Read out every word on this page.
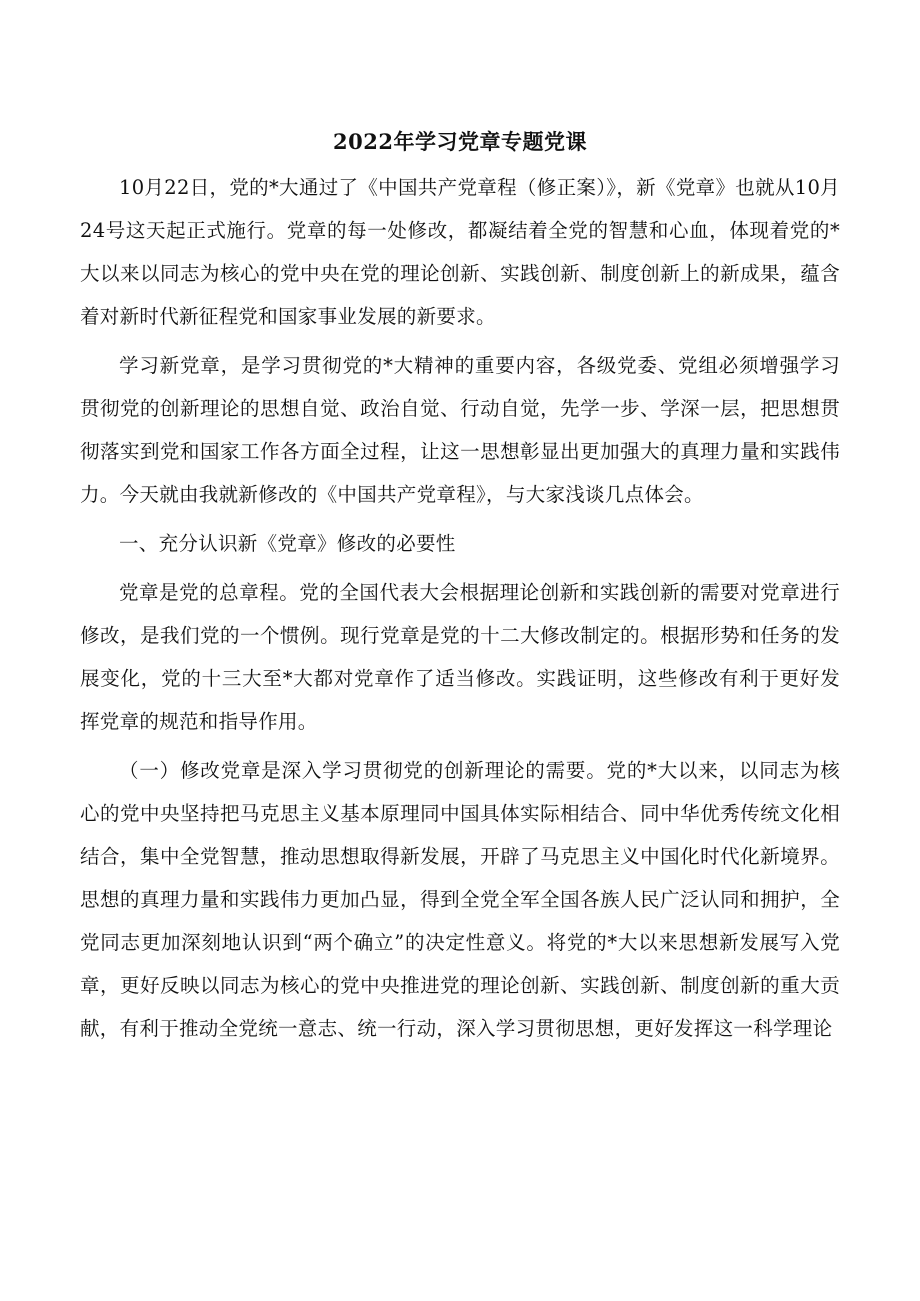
2022年学习党章专题党课

10月22日，党的*大通过了《中国共产党章程（修正案）》，新《党章》也就从10月24号这天起正式施行。党章的每一处修改，都凝结着全党的智慧和心血，体现着党的*大以来以同志为核心的党中央在党的理论创新、实践创新、制度创新上的新成果，蕴含着对新时代新征程党和国家事业发展的新要求。

学习新党章，是学习贯彻党的*大精神的重要内容，各级党委、党组必须增强学习贯彻党的创新理论的思想自觉、政治自觉、行动自觉，先学一步、学深一层，把思想贯彻落实到党和国家工作各方面全过程，让这一思想彰显出更加强大的真理力量和实践伟力。今天就由我就新修改的《中国共产党章程》，与大家浅谈几点体会。

一、充分认识新《党章》修改的必要性

党章是党的总章程。党的全国代表大会根据理论创新和实践创新的需要对党章进行修改，是我们党的一个惯例。现行党章是党的十二大修改制定的。根据形势和任务的发展变化，党的十三大至*大都对党章作了适当修改。实践证明，这些修改有利于更好发挥党章的规范和指导作用。

（一）修改党章是深入学习贯彻党的创新理论的需要。党的*大以来，以同志为核心的党中央坚持把马克思主义基本原理同中国具体实际相结合、同中华优秀传统文化相结合，集中全党智慧，推动思想取得新发展，开辟了马克思主义中国化时代化新境界。思想的真理力量和实践伟力更加凸显，得到全党全军全国各族人民广泛认同和拥护，全党同志更加深刻地认识到“两个确立”的决定性意义。将党的*大以来思想新发展写入党章，更好反映以同志为核心的党中央推进党的理论创新、实践创新、制度创新的重大贡献，有利于推动全党统一意志、统一行动，深入学习贯彻思想，更好发挥这一科学理论
